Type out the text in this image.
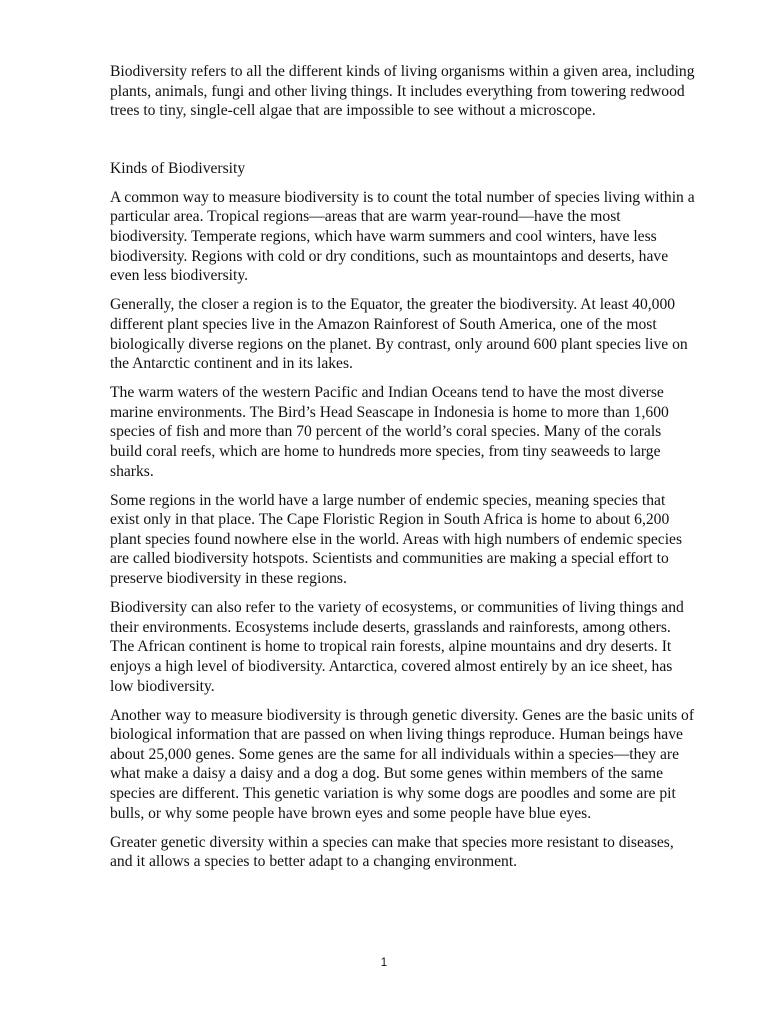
Biodiversity refers to all the different kinds of living organisms within a given area, including plants, animals, fungi and other living things. It includes everything from towering redwood trees to tiny, single-cell algae that are impossible to see without a microscope.

Kinds of Biodiversity

A common way to measure biodiversity is to count the total number of species living within a particular area. Tropical regions—areas that are warm year-round—have the most biodiversity. Temperate regions, which have warm summers and cool winters, have less biodiversity. Regions with cold or dry conditions, such as mountaintops and deserts, have even less biodiversity.

Generally, the closer a region is to the Equator, the greater the biodiversity. At least 40,000 different plant species live in the Amazon Rainforest of South America, one of the most biologically diverse regions on the planet. By contrast, only around 600 plant species live on the Antarctic continent and in its lakes.

The warm waters of the western Pacific and Indian Oceans tend to have the most diverse marine environments. The Bird’s Head Seascape in Indonesia is home to more than 1,600 species of fish and more than 70 percent of the world’s coral species. Many of the corals build coral reefs, which are home to hundreds more species, from tiny seaweeds to large sharks.

Some regions in the world have a large number of endemic species, meaning species that exist only in that place. The Cape Floristic Region in South Africa is home to about 6,200 plant species found nowhere else in the world. Areas with high numbers of endemic species are called biodiversity hotspots. Scientists and communities are making a special effort to preserve biodiversity in these regions.

Biodiversity can also refer to the variety of ecosystems, or communities of living things and their environments. Ecosystems include deserts, grasslands and rainforests, among others. The African continent is home to tropical rain forests, alpine mountains and dry deserts. It enjoys a high level of biodiversity. Antarctica, covered almost entirely by an ice sheet, has low biodiversity.

Another way to measure biodiversity is through genetic diversity. Genes are the basic units of biological information that are passed on when living things reproduce. Human beings have about 25,000 genes. Some genes are the same for all individuals within a species—they are what make a daisy a daisy and a dog a dog. But some genes within members of the same species are different. This genetic variation is why some dogs are poodles and some are pit bulls, or why some people have brown eyes and some people have blue eyes.

Greater genetic diversity within a species can make that species more resistant to diseases, and it allows a species to better adapt to a changing environment.

1
